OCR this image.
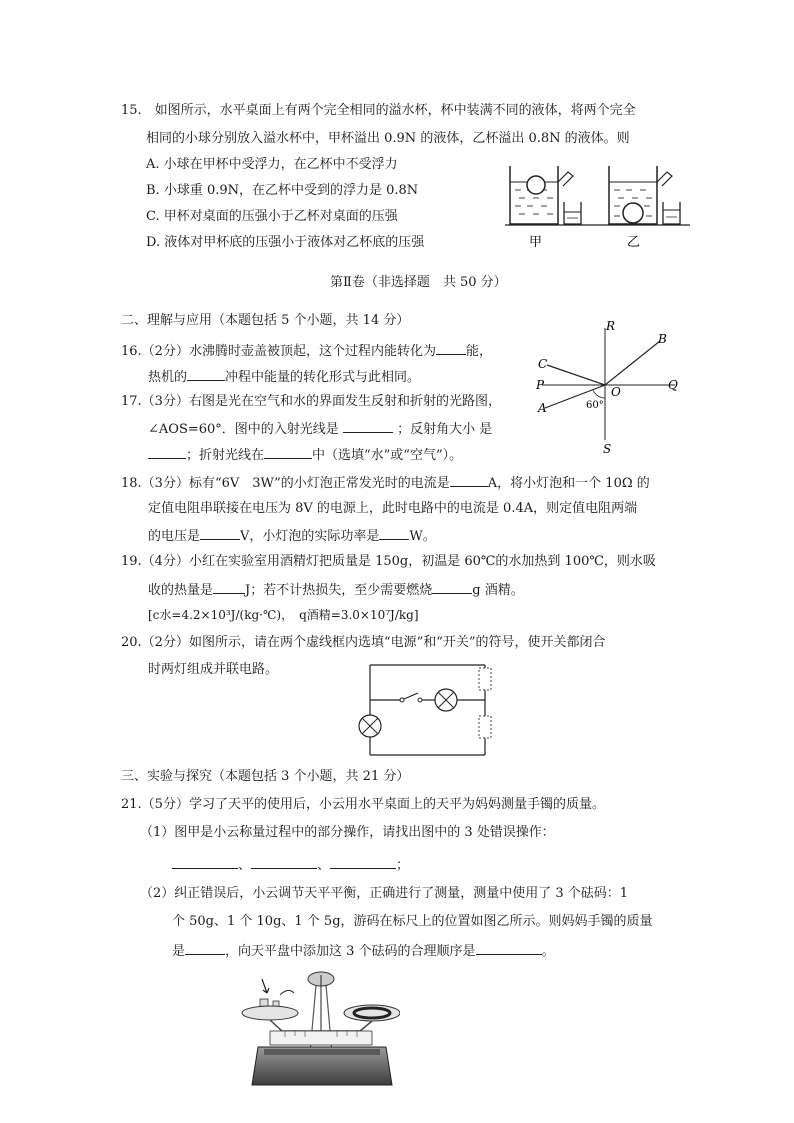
15.　如图所示，水平桌面上有两个完全相同的溢水杯，杯中装满不同的液体，将两个完全
相同的小球分别放入溢水杯中，甲杯溢出 0.9N 的液体，乙杯溢出 0.8N 的液体。则
A. 小球在甲杯中受浮力，在乙杯中不受浮力
B. 小球重 0.9N，在乙杯中受到的浮力是 0.8N
C. 甲杯对桌面的压强小于乙杯对桌面的压强
D. 液体对甲杯底的压强小于液体对乙杯底的压强	甲	乙
第Ⅱ卷（非选择题　共 50 分）
二、理解与应用（本题包括 5 个小题，共 14 分）
16.（2分）水沸腾时壶盖被顶起，这个过程内能转化为 能，
热机的	冲程中能量的转化形式与此相同。
17.（3分）右图是光在空气和水的界面发生反射和折射的光路图，
∠AOS=60°．图中的入射光线是	；反射角大小 是
；折射光线在	中（选填“水”或“空气”）。
R
B
C
P	O	Q
A	60°
S
18.（3分）标有“6V　3W”的小灯泡正常发光时的电流是	A，将小灯泡和一个 10Ω 的
定值电阻串联接在电压为 8V 的电源上，此时电路中的电流是 0.4A，则定值电阻两端
的电压是	V，小灯泡的实际功率是 W。
19.（4分）小红在实验室用酒精灯把质量是 150g，初温是 60℃的水加热到 100℃，则水吸
收的热量是 J；若不计热损失，至少需要燃烧	g 酒精。
[c水=4.2×10³J/(kg·℃)，　q酒精=3.0×10⁷J/kg]
20.（2分）如图所示，请在两个虚线框内选填“电源”和“开关”的符号，使开关都闭合
时两灯组成并联电路。
三、实验与探究（本题包括 3 个小题，共 21 分）
21.（5分）学习了天平的使用后，小云用水平桌面上的天平为妈妈测量手镯的质量。
（1）图甲是小云称量过程中的部分操作，请找出图中的 3 处错误操作：
、	、	；
（2）纠正错误后，小云调节天平平衡，正确进行了测量，测量中使用了 3 个砝码：1
个 50g、1 个 10g、1 个 5g，游码在标尺上的位置如图乙所示。则妈妈手镯的质量
是	，向天平盘中添加这 3 个砝码的合理顺序是	。
